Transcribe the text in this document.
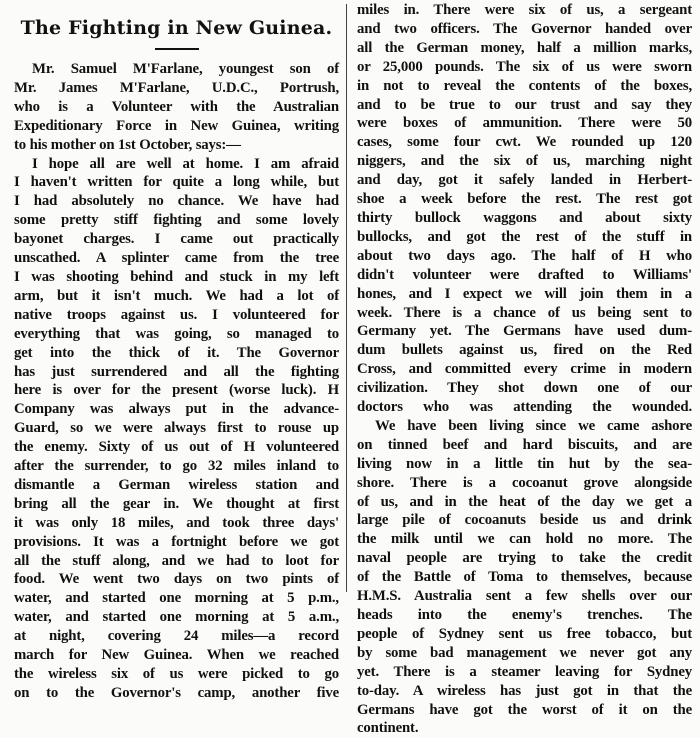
The Fighting in New Guinea.
Mr. Samuel M'Farlane, youngest son of
Mr. James M'Farlane, U.D.C., Portrush,
who is a Volunteer with the Australian
Expeditionary Force in New Guinea, writing
to his mother on 1st October, says:—
I hope all are well at home. I am afraid
I haven't written for quite a long while, but
I had absolutely no chance. We have had
some pretty stiff fighting and some lovely
bayonet charges. I came out practically
unscathed. A splinter came from the tree
I was shooting behind and stuck in my left
arm, but it isn't much. We had a lot of
native troops against us. I volunteered for
everything that was going, so managed to
get into the thick of it. The Governor
has just surrendered and all the fighting
here is over for the present (worse luck). H
Company was always put in the advance-
Guard, so we were always first to rouse up
the enemy. Sixty of us out of H volunteered
after the surrender, to go 32 miles inland to
dismantle a German wireless station and
bring all the gear in. We thought at first
it was only 18 miles, and took three days'
provisions. It was a fortnight before we got
all the stuff along, and we had to loot for
food. We went two days on two pints of
water, and started one morning at 5 p.m.,
water, and started one morning at 5 a.m.,
at night, covering 24 miles—a record
march for New Guinea. When we reached
the wireless six of us were picked to go
on to the Governor's camp, another five
miles in. There were six of us, a sergeant
and two officers. The Governor handed over
all the German money, half a million marks,
or 25,000 pounds. The six of us were sworn
in not to reveal the contents of the boxes,
and to be true to our trust and say they
were boxes of ammunition. There were 50
cases, some four cwt. We rounded up 120
niggers, and the six of us, marching night
and day, got it safely landed in Herbert-
shoe a week before the rest. The rest got
thirty bullock waggons and about sixty
bullocks, and got the rest of the stuff in
about two days ago. The half of H who
didn't volunteer were drafted to Williams'
hones, and I expect we will join them in a
week. There is a chance of us being sent to
Germany yet. The Germans have used dum-
dum bullets against us, fired on the Red
Cross, and committed every crime in modern
civilization. They shot down one of our
doctors who was attending the wounded.
We have been living since we came ashore
on tinned beef and hard biscuits, and are
living now in a little tin hut by the sea-
shore. There is a cocoanut grove alongside
of us, and in the heat of the day we get a
large pile of cocoanuts beside us and drink
the milk until we can hold no more. The
naval people are trying to take the credit
of the Battle of Toma to themselves, because
H.M.S. Australia sent a few shells over our
heads into the enemy's trenches. The
people of Sydney sent us free tobacco, but
by some bad management we never got any
yet. There is a steamer leaving for Sydney
to-day. A wireless has just got in that the
Germans have got the worst of it on the
continent.
